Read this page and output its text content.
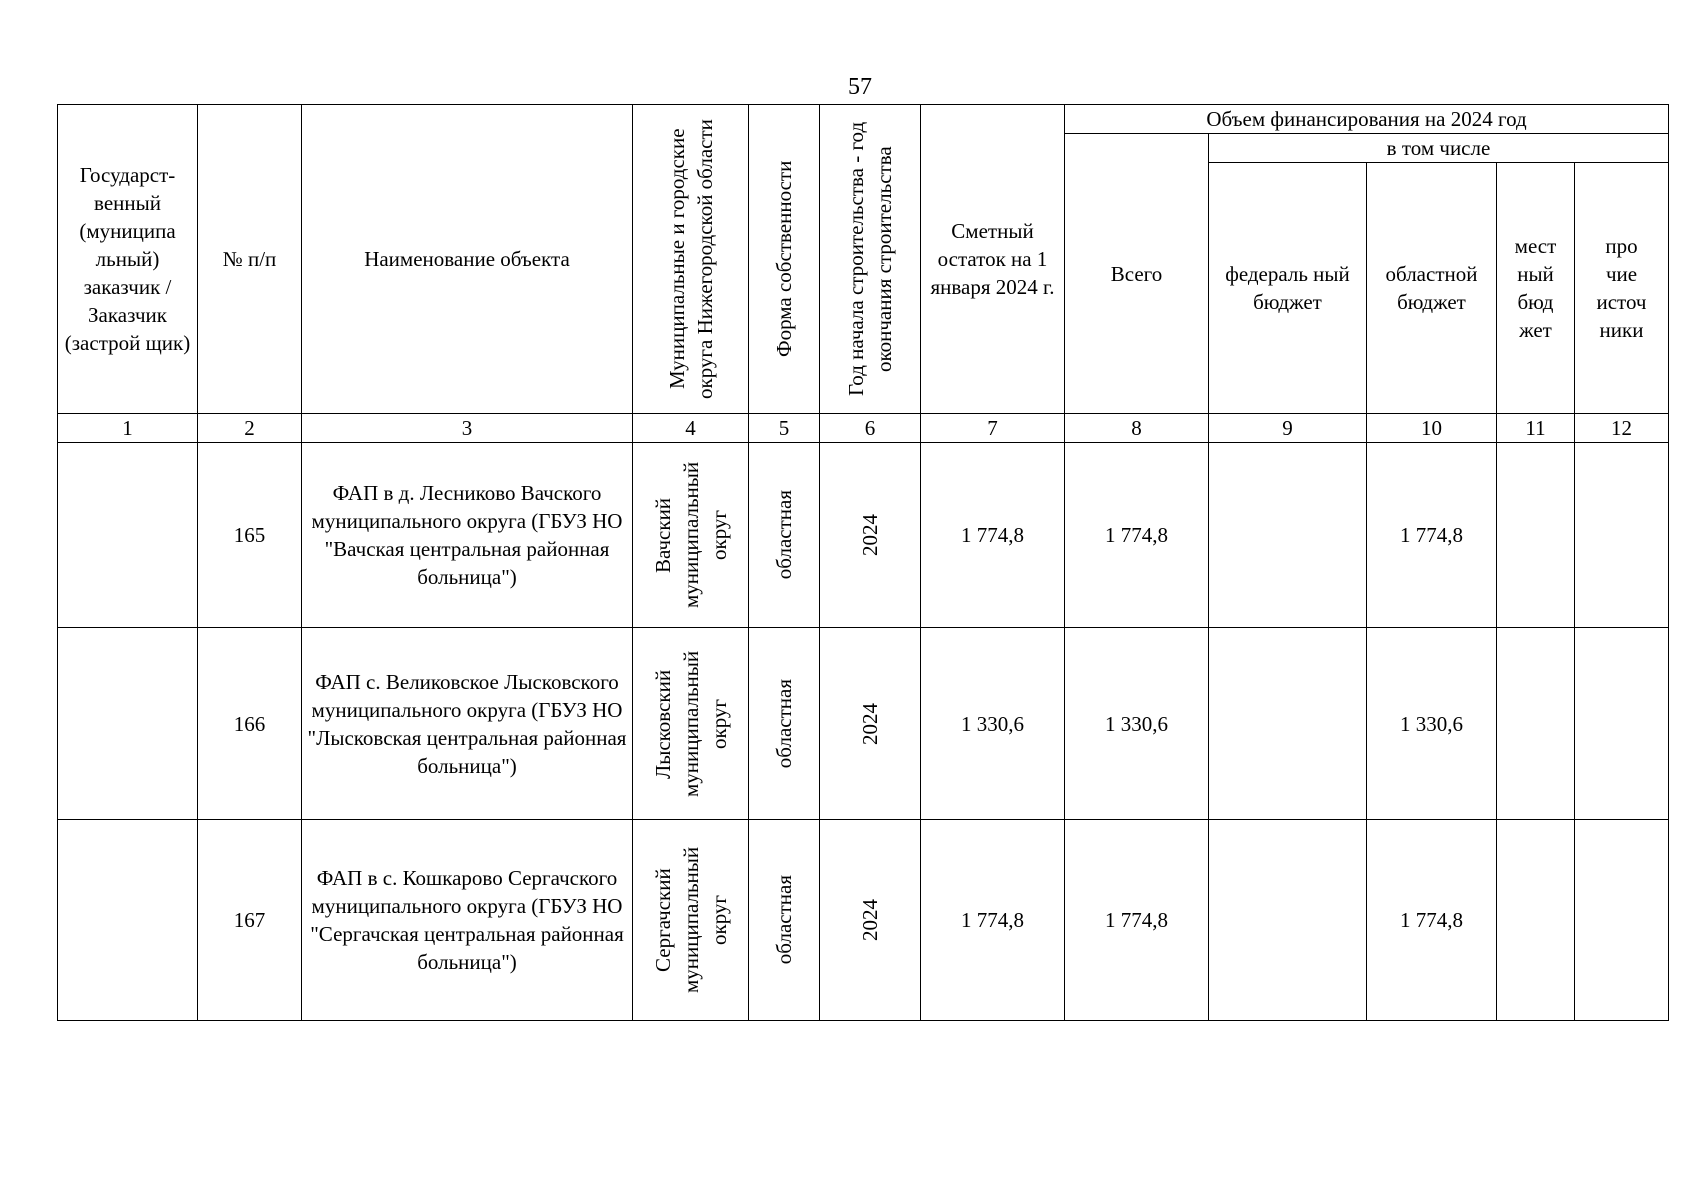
57
Государст-венный (муниципа льный) заказчик / Заказчик (застрой щик)	№ п/п	Наименование объекта	Муниципальные и городские округа Нижегородской области	Форма собственности	Год начала строительства - год окончания строительства	Сметный остаток на 1 января 2024 г.	Объем финансирования на 2024 год				
							Всего	в том числе			

								федераль ный бюджет	областной бюджет	мест ный бюд жет	про чие источ ники

1	2	3	4	5	6	7	8	9	10	11	12
	165	ФАП в д. Лесниково Вачского муниципального округа (ГБУЗ НО "Вачская центральная районная больница")	Вачский муниципальный округ	областная	2024	1 774,8	1 774,8		1 774,8		
	166	ФАП с. Великовское Лысковского муниципального округа (ГБУЗ НО "Лысковская центральная районная больница")	Лысковский муниципальный округ	областная	2024	1 330,6	1 330,6		1 330,6		
	167	ФАП в с. Кошкарово Сергачского муниципального округа (ГБУЗ НО "Сергачская центральная районная больница")	Сергачский муниципальный округ	областная	2024	1 774,8	1 774,8		1 774,8		
